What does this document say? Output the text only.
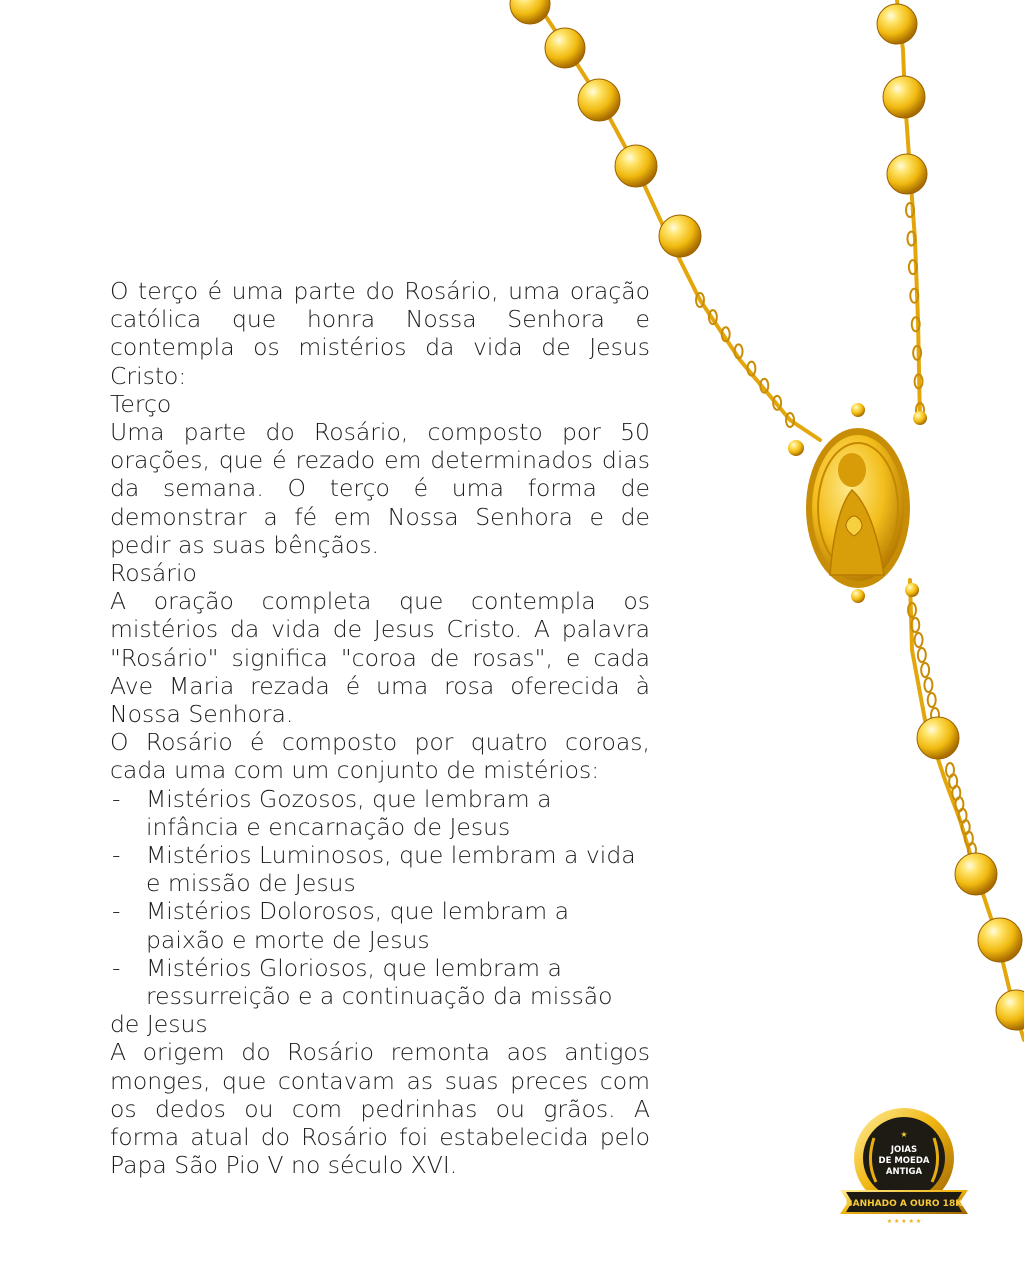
O terço é uma parte do Rosário, uma oração católica que honra Nossa Senhora e contempla os mistérios da vida de Jesus Cristo:

Terço

Uma parte do Rosário, composto por 50 orações, que é rezado em determinados dias da semana. O terço é uma forma de demonstrar a fé em Nossa Senhora e de pedir as suas bênçãos.

Rosário

A oração completa que contempla os mistérios da vida de Jesus Cristo. A palavra "Rosário" significa "coroa de rosas", e cada Ave Maria rezada é uma rosa oferecida à Nossa Senhora.

O Rosário é composto por quatro coroas, cada uma com um conjunto de mistérios:

- Mistérios Gozosos, que lembram a infância e encarnação de Jesus
- Mistérios Luminosos, que lembram a vida e missão de Jesus
- Mistérios Dolorosos, que lembram a paixão e morte de Jesus
- Mistérios Gloriosos, que lembram a ressurreição e a continuação da missão
de Jesus

A origem do Rosário remonta aos antigos monges, que contavam as suas preces com os dedos ou com pedrinhas ou grãos. A forma atual do Rosário foi estabelecida pelo Papa São Pio V no século XVI.

★
JOIAS
DE MOEDA
ANTIGA
BANHADO A OURO 18K
★ ★ ★ ★ ★
